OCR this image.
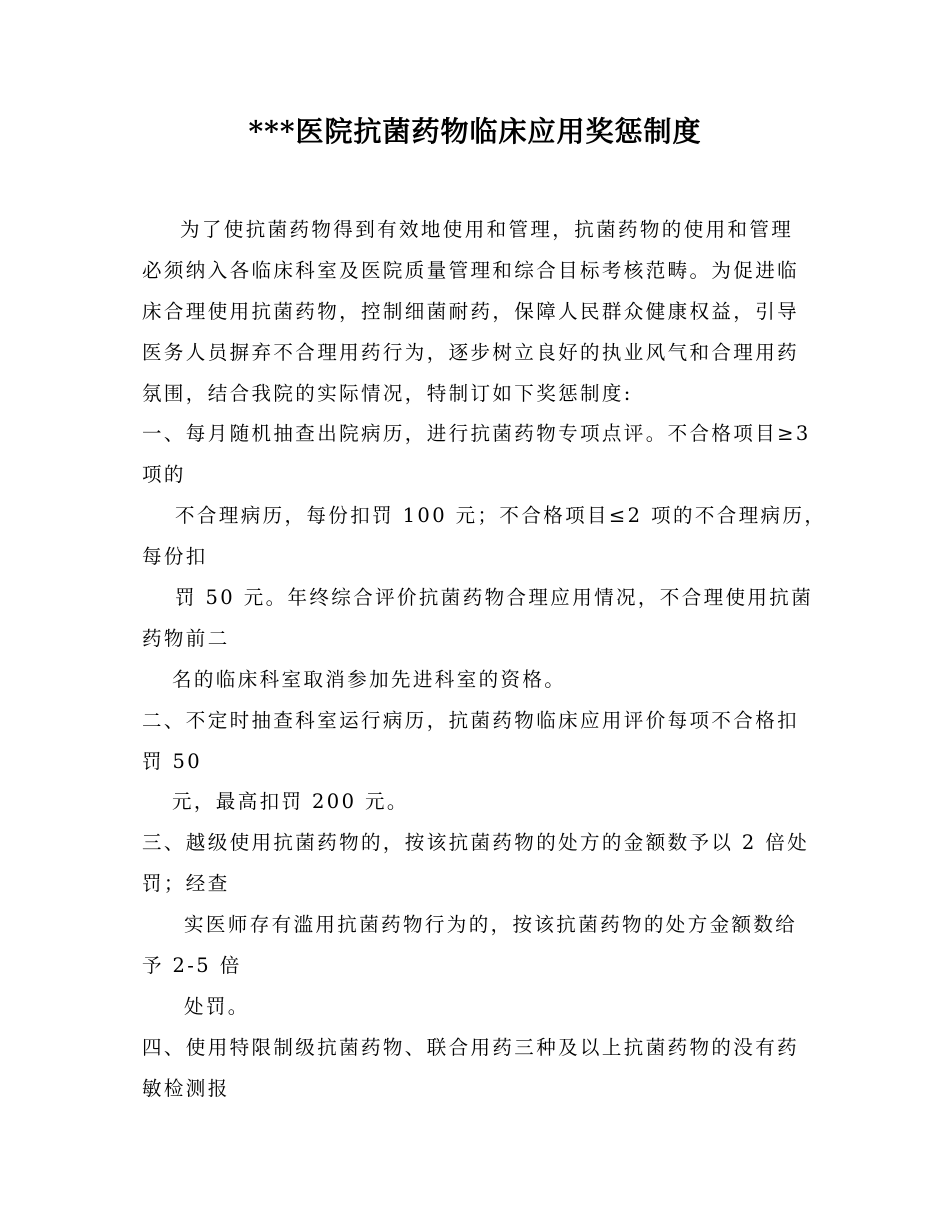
***医院抗菌药物临床应用奖惩制度
为了使抗菌药物得到有效地使用和管理，抗菌药物的使用和管理
必须纳入各临床科室及医院质量管理和综合目标考核范畴。为促进临
床合理使用抗菌药物，控制细菌耐药，保障人民群众健康权益，引导
医务人员摒弃不合理用药行为，逐步树立良好的执业风气和合理用药
氛围，结合我院的实际情况，特制订如下奖惩制度:
一、每月随机抽查出院病历，进行抗菌药物专项点评。不合格项目≥3
项的
不合理病历，每份扣罚 100 元；不合格项目≤2 项的不合理病历，
每份扣
罚 50 元。年终综合评价抗菌药物合理应用情况，不合理使用抗菌
药物前二
名的临床科室取消参加先进科室的资格。
二、不定时抽查科室运行病历，抗菌药物临床应用评价每项不合格扣
罚 50
元，最高扣罚 200 元。
三、越级使用抗菌药物的，按该抗菌药物的处方的金额数予以 2 倍处
罚；经查
实医师存有滥用抗菌药物行为的，按该抗菌药物的处方金额数给
予 2-5 倍
处罚。
四、使用特限制级抗菌药物、联合用药三种及以上抗菌药物的没有药
敏检测报
